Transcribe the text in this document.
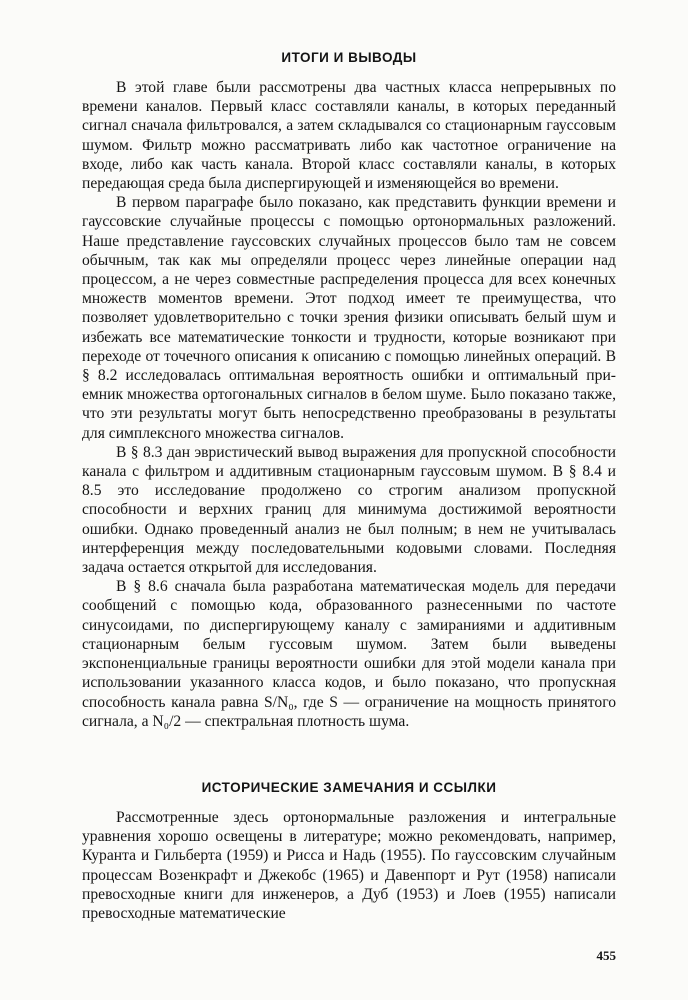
ИТОГИ И ВЫВОДЫ

В этой главе были рассмотрены два частных класса непрерывных по времени каналов. Первый класс составляли каналы, в которых переданный сигнал сначала фильтровался, а затем складывался со стационарным гауссовым шумом. Фильтр можно рассматривать либо как частотное ограничение на входе, либо как часть канала. Второй класс составляли каналы, в которых передающая среда была диспергирующей и изменяющейся во времени.

В первом параграфе было показано, как представить функции времени и гауссовские случайные процессы с помощью ортонормальных разложений. Наше представление гауссовских случайных процессов было там не совсем обычным, так как мы определяли процесс через линейные операции над процессом, а не через совместные распределения процесса для всех конечных множеств моментов времени. Этот подход имеет те преимущества, что позволяет удовлетворительно с точки зрения физики описывать белый шум и избежать все математические тонкости и трудности, которые возникают при переходе от точечного описания к описанию с помощью линейных операций. В § 8.2 исследовалась оптимальная вероятность ошибки и оптимальный приемник множества ортогональных сигналов в белом шуме. Было показано также, что эти результаты могут быть непосредственно преобразованы в результаты для симплексного множества сигналов.

В § 8.3 дан эвристический вывод выражения для пропускной способности канала с фильтром и аддитивным стационарным гауссовым шумом. В § 8.4 и 8.5 это исследование продолжено со строгим анализом пропускной способности и верхних границ для минимума достижимой вероятности ошибки. Однако проведенный анализ не был полным; в нем не учитывалась интерференция между последовательными кодовыми словами. Последняя задача остается открытой для исследования.

В § 8.6 сначала была разработана математическая модель для передачи сообщений с помощью кода, образованного разнесенными по частоте синусоидами, по диспергирующему каналу с замираниями и аддитивным стационарным белым гуссовым шумом. Затем были выведены экспоненциальные границы вероятности ошибки для этой модели канала при использовании указанного класса кодов, и было показано, что пропускная способность канала равна S/N₀, где S — ограничение на мощность принятого сигнала, а N₀/2 — спектральная плотность шума.

ИСТОРИЧЕСКИЕ ЗАМЕЧАНИЯ И ССЫЛКИ

Рассмотренные здесь ортонормальные разложения и интегральные уравнения хорошо освещены в литературе; можно рекомендовать, например, Куранта и Гильберта (1959) и Рисса и Надь (1955). По гауссовским случайным процессам Возенкрафт и Джекобс (1965) и Давенпорт и Рут (1958) написали превосходные книги для инженеров, а Дуб (1953) и Лоев (1955) написали превосходные математические

455
